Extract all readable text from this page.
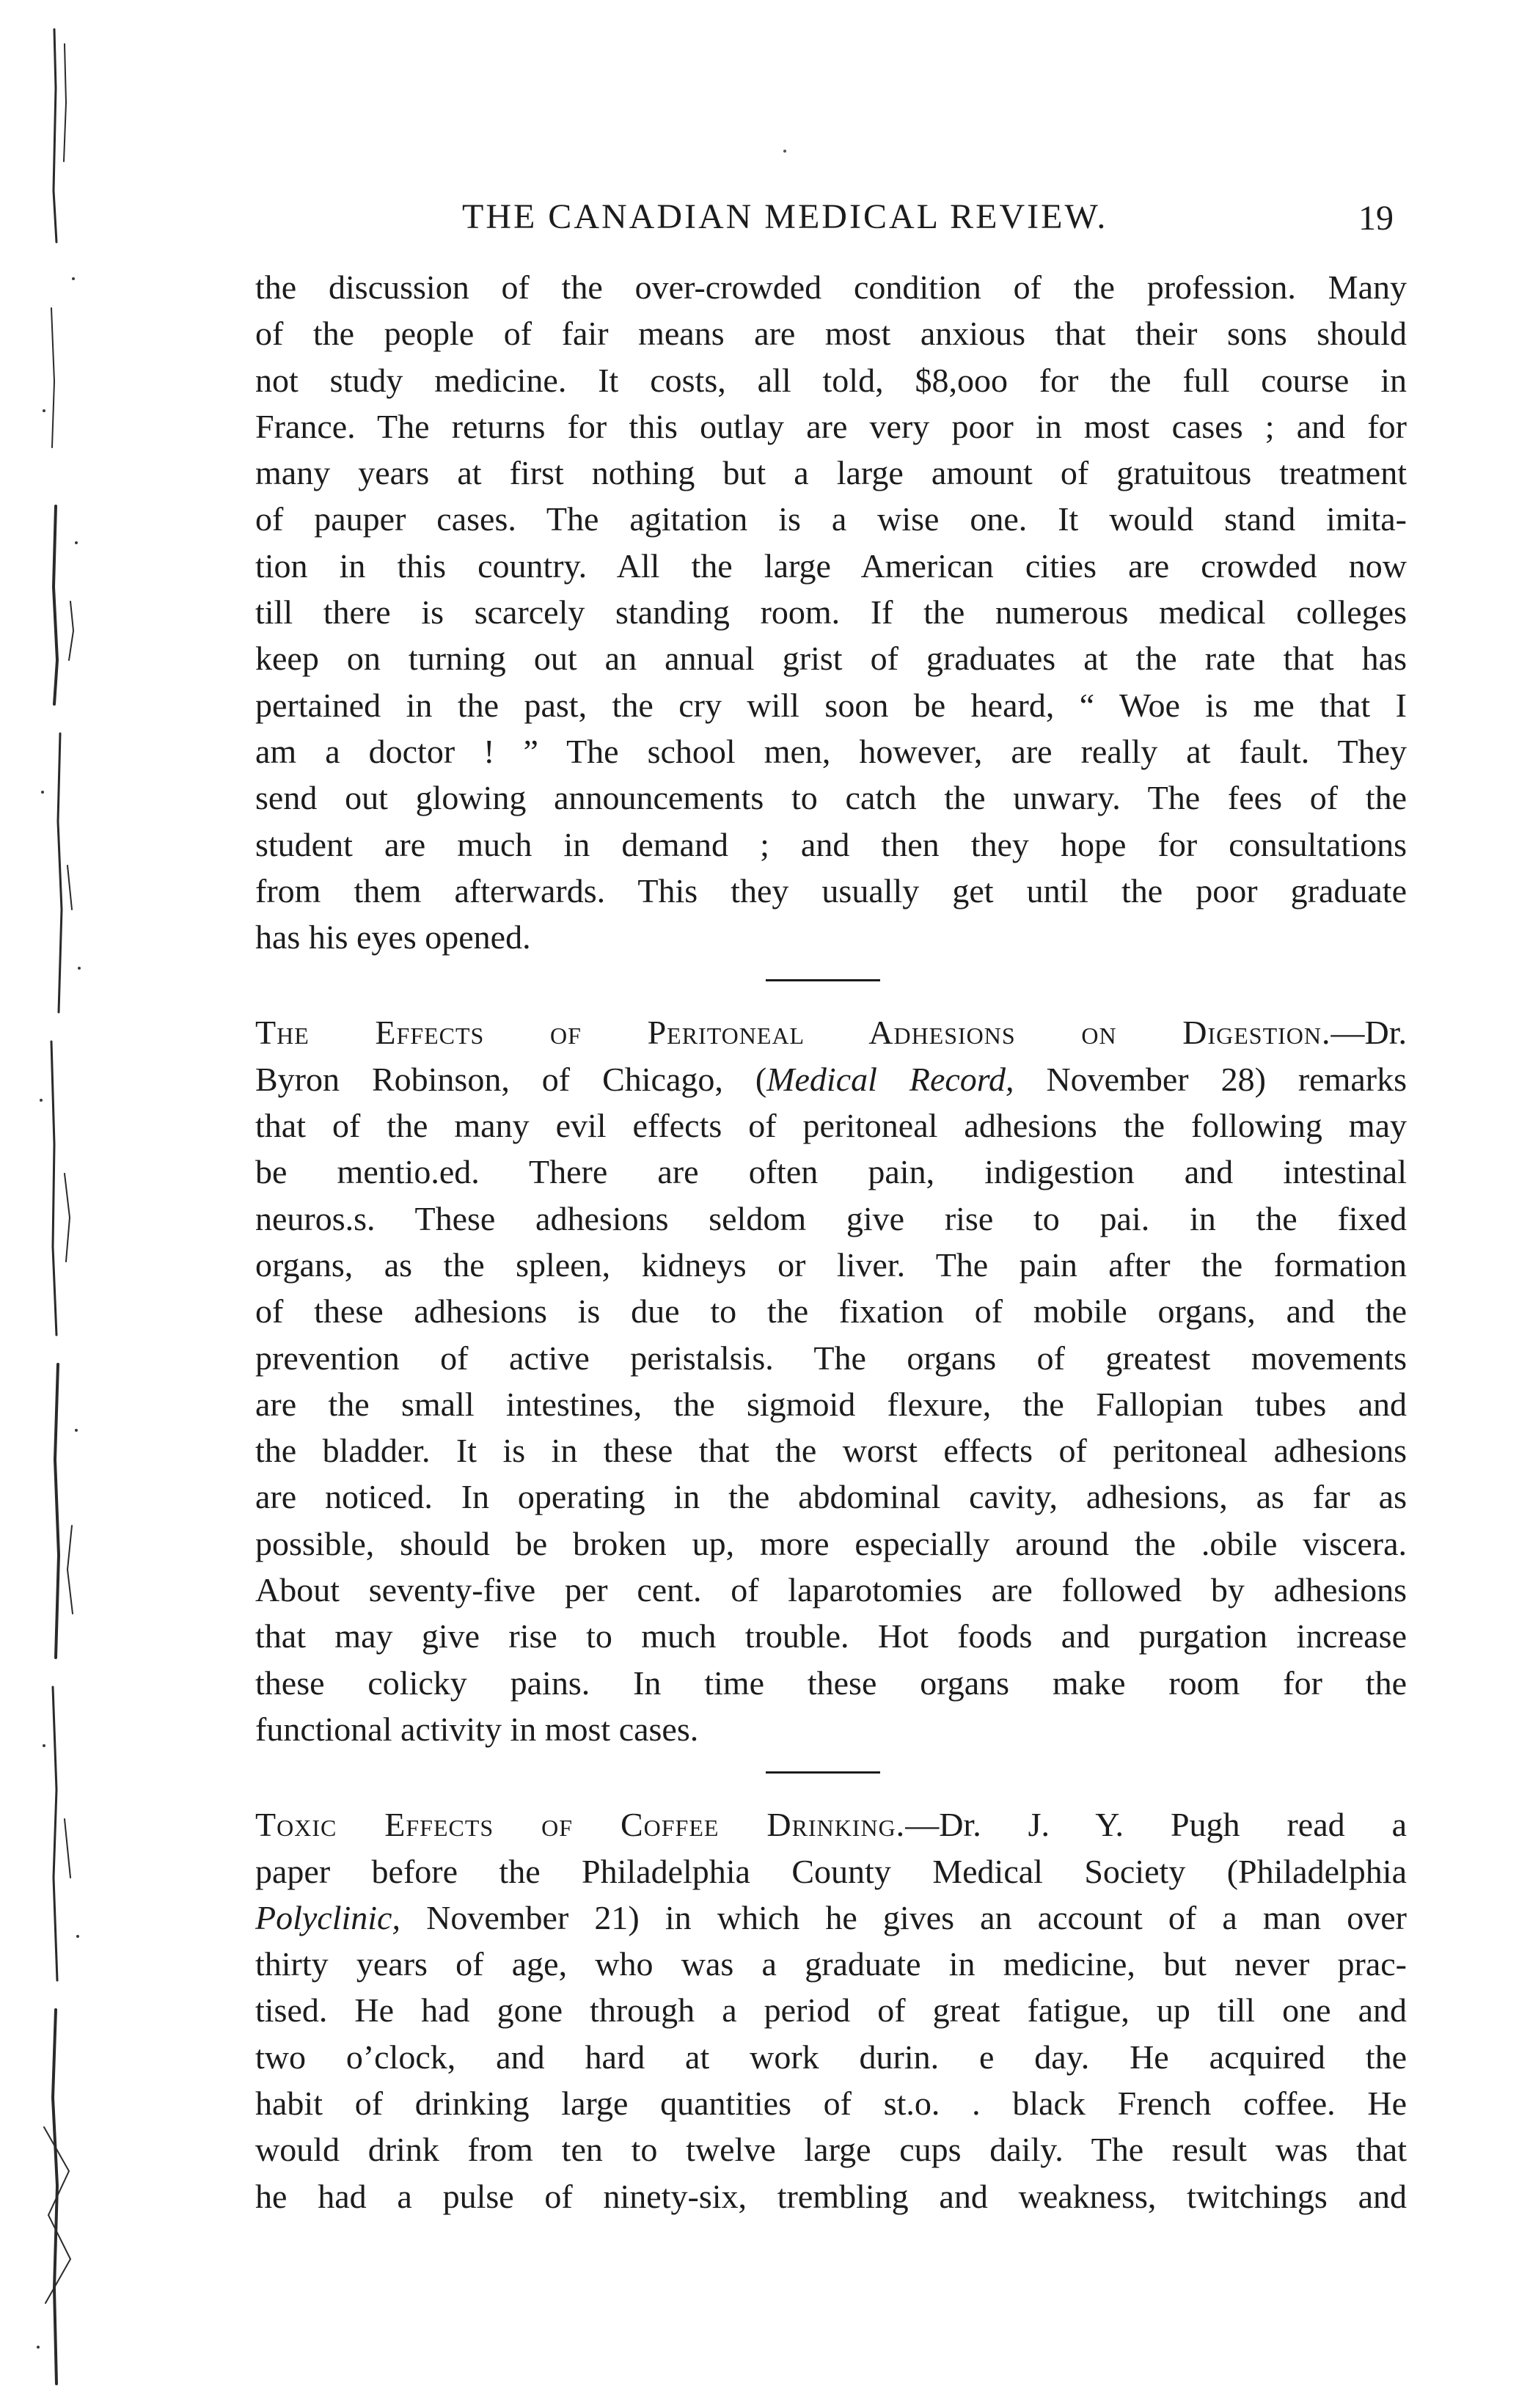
THE CANADIAN MEDICAL REVIEW.	19
the discussion of the over-crowded condition of the profession. Many
of the people of fair means are most anxious that their sons should
not study medicine. It costs, all told, $8,ooo for the full course in
France. The returns for this outlay are very poor in most cases ; and for
many years at first nothing but a large amount of gratuitous treatment
of pauper cases. The agitation is a wise one. It would stand imita-
tion in this country. All the large American cities are crowded now
till there is scarcely standing room. If the numerous medical colleges
keep on turning out an annual grist of graduates at the rate that has
pertained in the past, the cry will soon be heard, “ Woe is me that I
am a doctor ! ” The school men, however, are really at fault. They
send out glowing announcements to catch the unwary. The fees of the
student are much in demand ; and then they hope for consultations
from them afterwards. This they usually get until the poor graduate
has his eyes opened.
The Effects of Peritoneal Adhesions on Digestion.—Dr.
Byron Robinson, of Chicago, (Medical Record, November 28) remarks
that of the many evil effects of peritoneal adhesions the following may
be mentio.ed. There are often pain, indigestion and intestinal
neuros.s. These adhesions seldom give rise to pai. in the fixed
organs, as the spleen, kidneys or liver. The pain after the formation
of these adhesions is due to the fixation of mobile organs, and the
prevention of active peristalsis. The organs of greatest movements
are the small intestines, the sigmoid flexure, the Fallopian tubes and
the bladder. It is in these that the worst effects of peritoneal adhesions
are noticed. In operating in the abdominal cavity, adhesions, as far as
possible, should be broken up, more especially around the .obile viscera.
About seventy-five per cent. of laparotomies are followed by adhesions
that may give rise to much trouble. Hot foods and purgation increase
these colicky pains. In time these organs make room for the
functional activity in most cases.
Toxic Effects of Coffee Drinking.—Dr. J. Y. Pugh read a
paper before the Philadelphia County Medical Society (Philadelphia
Polyclinic, November 21) in which he gives an account of a man over
thirty years of age, who was a graduate in medicine, but never prac-
tised. He had gone through a period of great fatigue, up till one and
two o’clock, and hard at work durin. e day. He acquired the
habit of drinking large quantities of st.o. . black French coffee. He
would drink from ten to twelve large cups daily. The result was that
he had a pulse of ninety-six, trembling and weakness, twitchings and
